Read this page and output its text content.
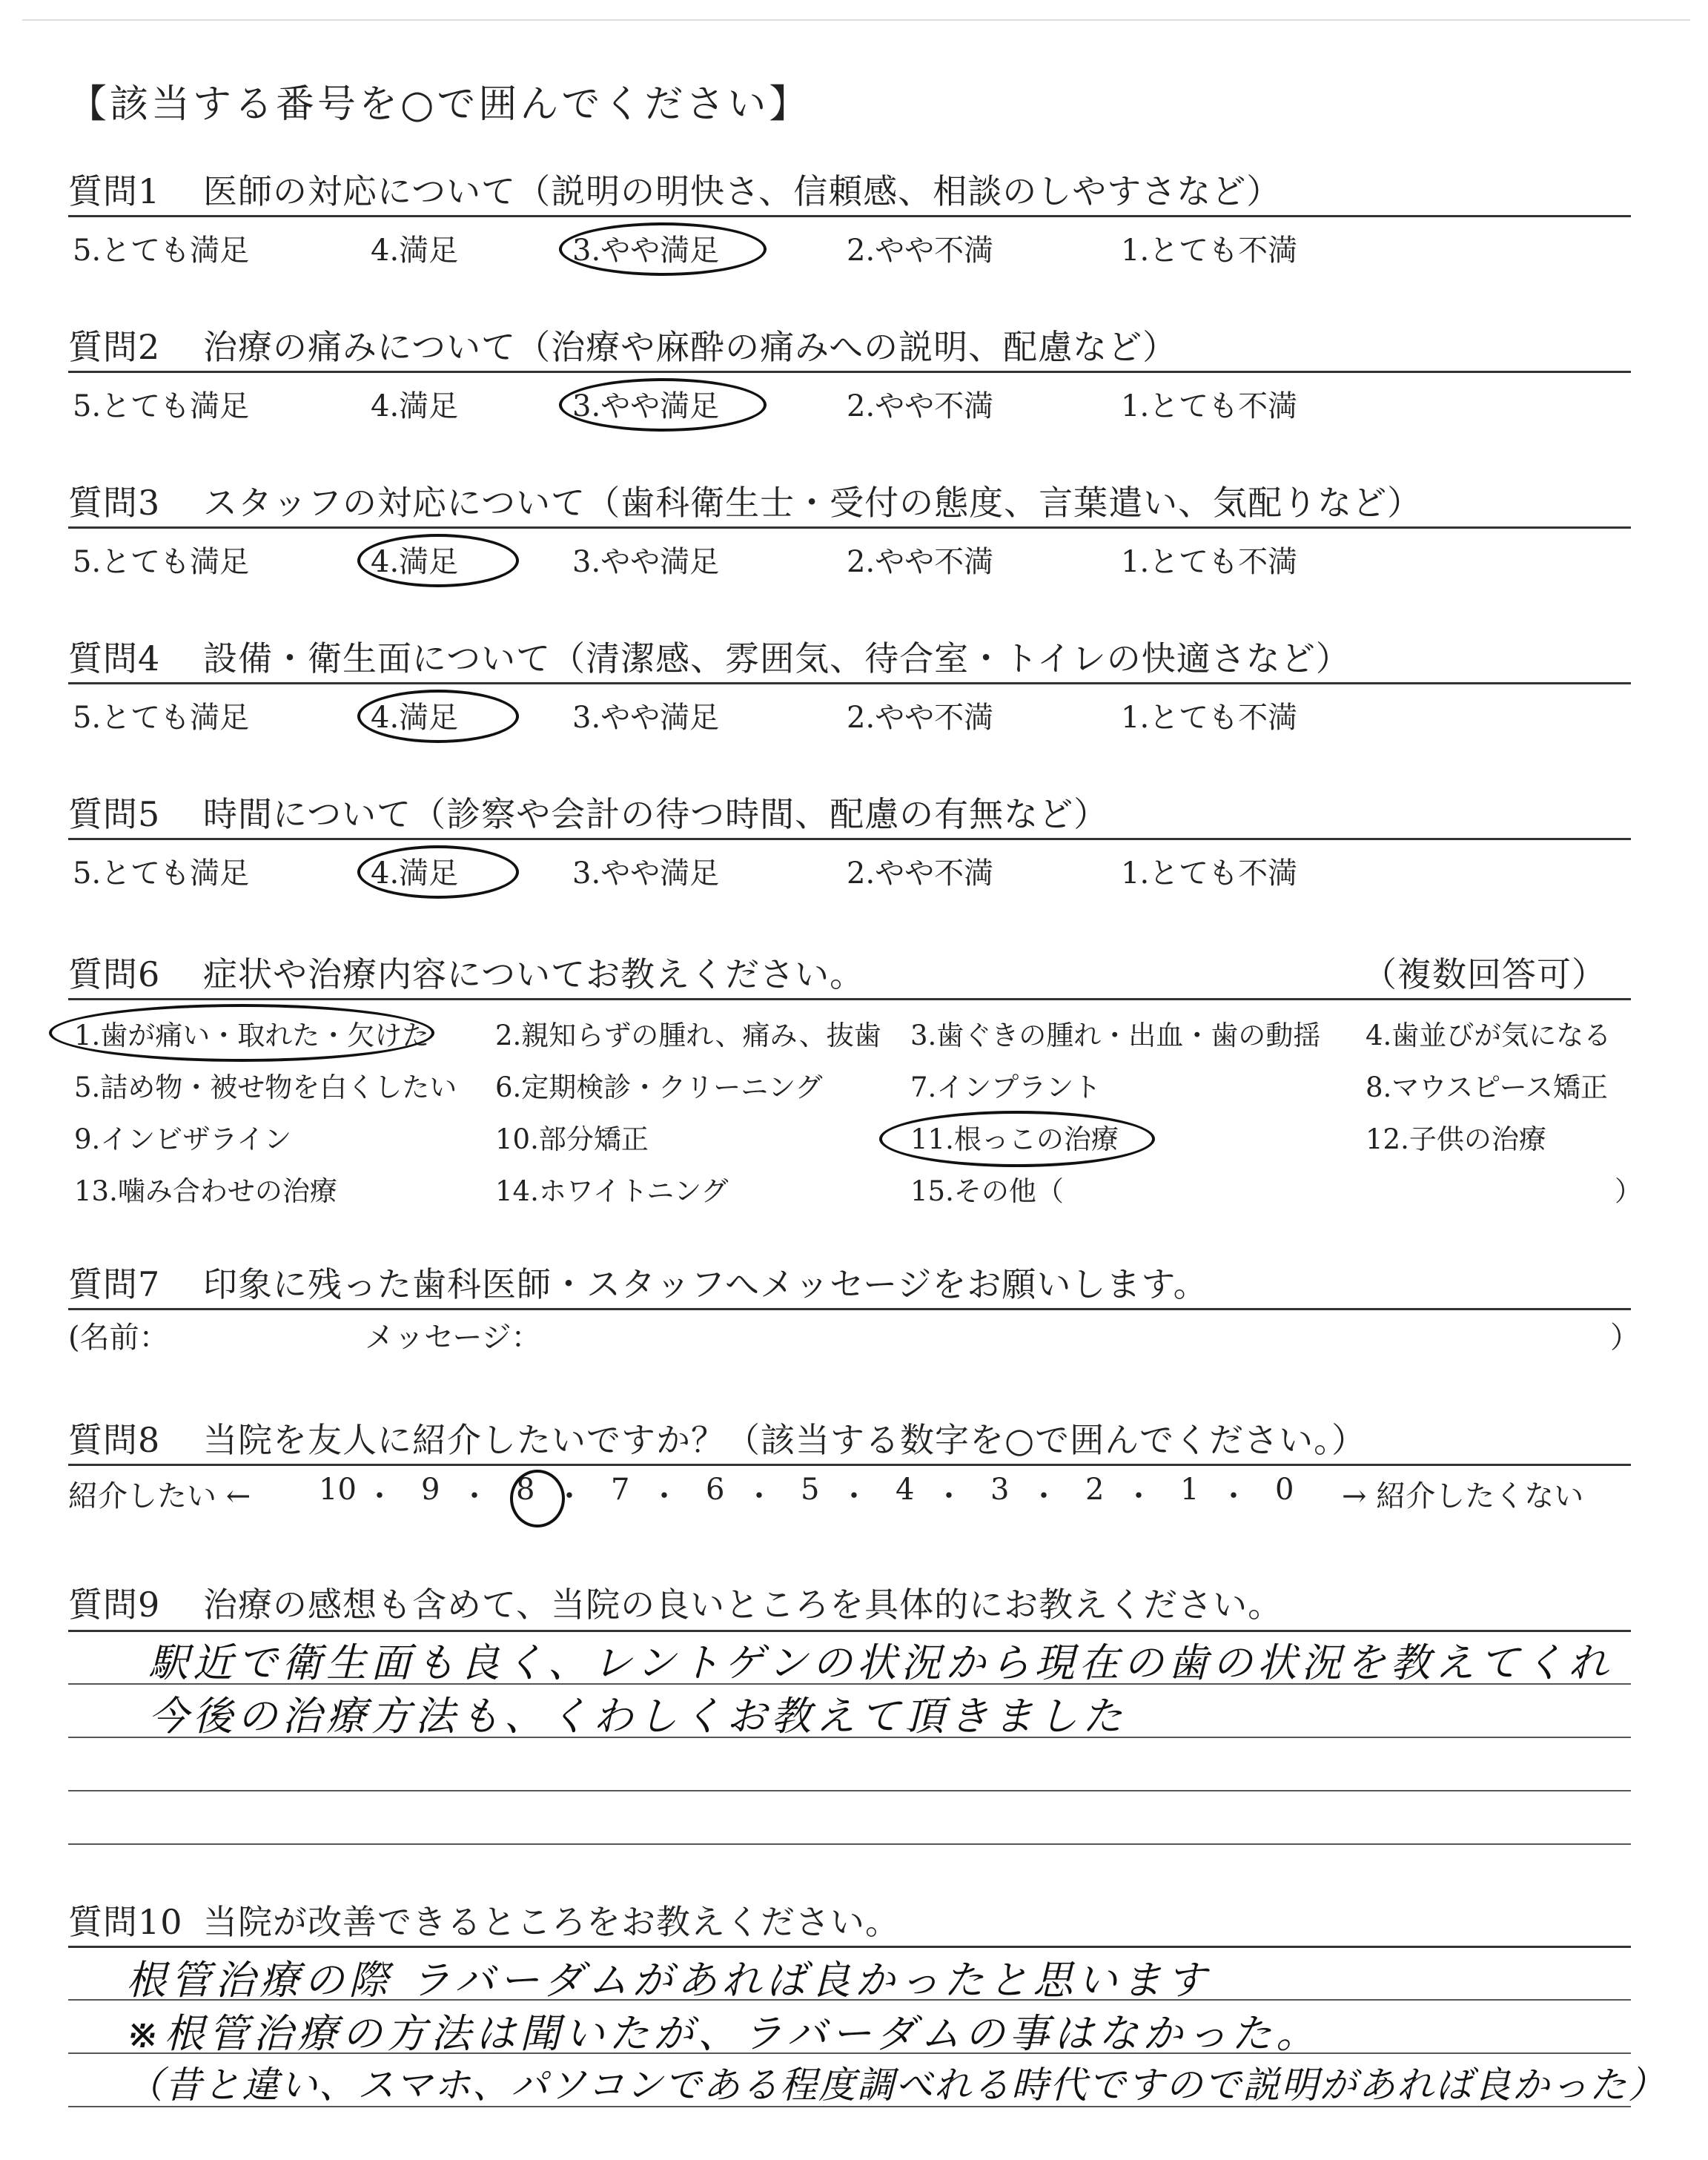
【該当する番号を○で囲んでください】
質問1 医師の対応について（説明の明快さ、信頼感、相談のしやすさなど）
5.とても満足	4.満足	3.やや満足	2.やや不満	1.とても不満
質問2 治療の痛みについて（治療や麻酔の痛みへの説明、配慮など）
5.とても満足	4.満足	3.やや満足	2.やや不満	1.とても不満
質問3 スタッフの対応について（歯科衛生士・受付の態度、言葉遣い、気配りなど）
5.とても満足	4.満足	3.やや満足	2.やや不満	1.とても不満
質問4 設備・衛生面について（清潔感、雰囲気、待合室・トイレの快適さなど）
5.とても満足	4.満足	3.やや満足	2.やや不満	1.とても不満
質問5 時間について（診察や会計の待つ時間、配慮の有無など）
5.とても満足	4.満足	3.やや満足	2.やや不満	1.とても不満
質問6 症状や治療内容についてお教えください。	（複数回答可）
1.歯が痛い・取れた・欠けた 2.親知らずの腫れ、痛み、抜歯 3.歯ぐきの腫れ・出血・歯の動揺 4.歯並びが気になる
5.詰め物・被せ物を白くしたい 6.定期検診・クリーニング	7.インプラント	8.マウスピース矯正
9.インビザライン	10.部分矯正	11.根っこの治療	12.子供の治療
13.噛み合わせの治療	14.ホワイトニング	15.その他（	）
質問7 印象に残った歯科医師・スタッフへメッセージをお願いします。
(名前：	メッセージ：	）
質問8 当院を友人に紹介したいですか？（該当する数字を○で囲んでください。）
紹介したい ←	→ 紹介したくない
10 ・ 9 ・ 8 ・ 7 ・ 6 ・ 5 ・ 4 ・ 3 ・ 2 ・ 1 ・ 0
質問9 治療の感想も含めて、当院の良いところを具体的にお教えください。
駅近で衛生面も良く、レントゲンの状況から現在の歯の状況を教えてくれ
今後の治療方法も、くわしくお教えて頂きました
質問10 当院が改善できるところをお教えください。
根管治療の際 ラバーダムがあれば良かったと思います
※根管治療の方法は聞いたが、ラバーダムの事はなかった。
（昔と違い、スマホ、パソコンである程度調べれる時代ですので説明があれば良かった）
